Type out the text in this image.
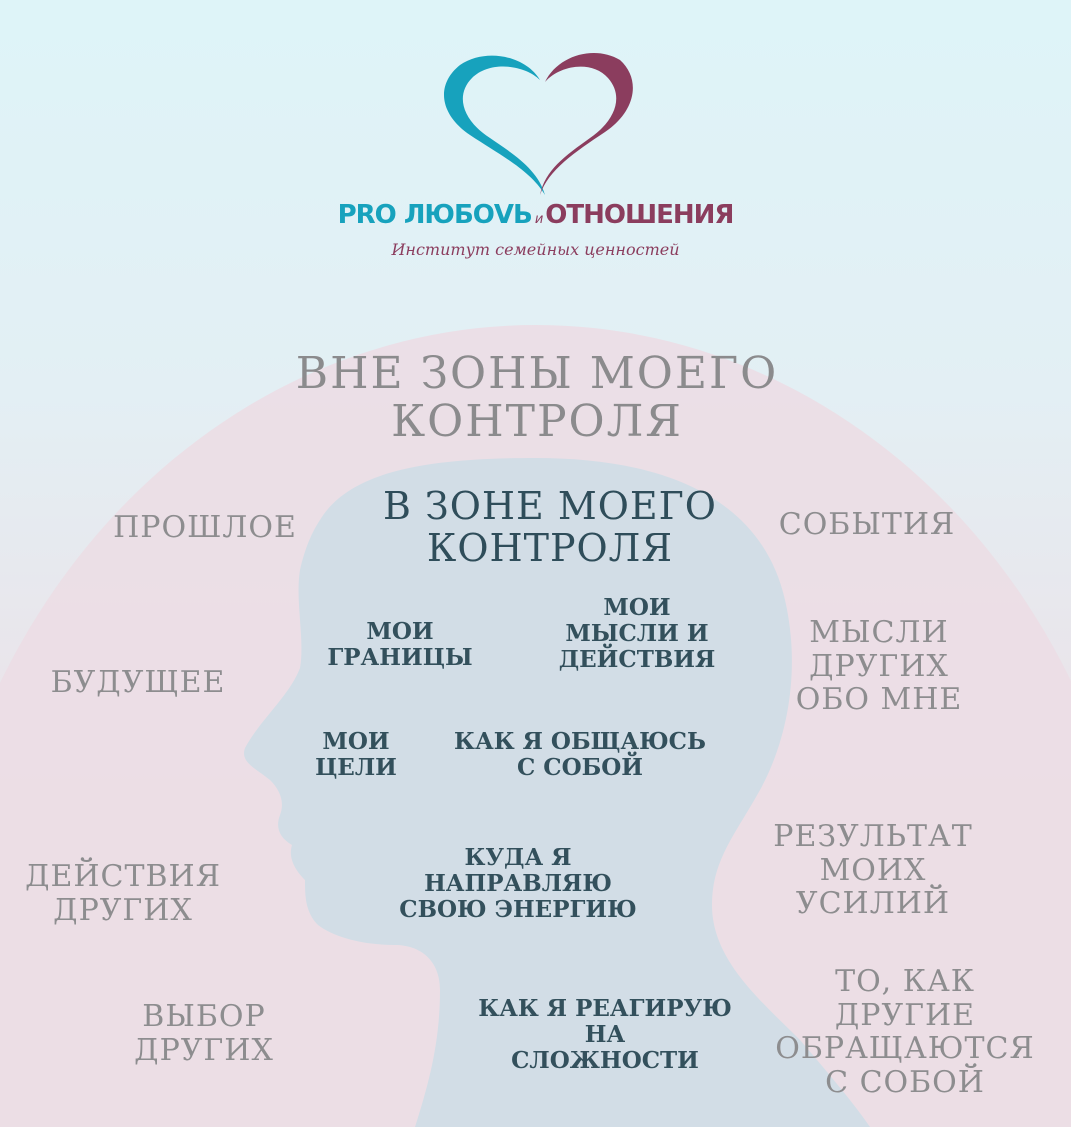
PRO ЛЮБОVЬ и ОТНОШЕНИЯ
Институт семейных ценностей
ВНЕ ЗОНЫ МОЕГО
КОНТРОЛЯ
В ЗОНЕ МОЕГО
КОНТРОЛЯ
ПРОШЛОЕ	СОБЫТИЯ
БУДУЩЕЕ
МЫСЛИ
ДРУГИХ
ОБО МНЕ
РЕЗУЛЬТАТ
МОИХ УСИЛИЙ
ДЕЙСТВИЯ
ДРУГИХ
ТО, КАК ДРУГИЕ
ОБРАЩАЮТСЯ
С СОБОЙ
ВЫБОР
ДРУГИХ
МОИ
ГРАНИЦЫ
МОИ
МЫСЛИ И
ДЕЙСТВИЯ
МОИ
ЦЕЛИ
КАК Я ОБЩАЮСЬ
С СОБОЙ
КУДА Я
НАПРАВЛЯЮ
СВОЮ ЭНЕРГИЮ
КАК Я РЕАГИРУЮ
НА
СЛОЖНОСТИ
